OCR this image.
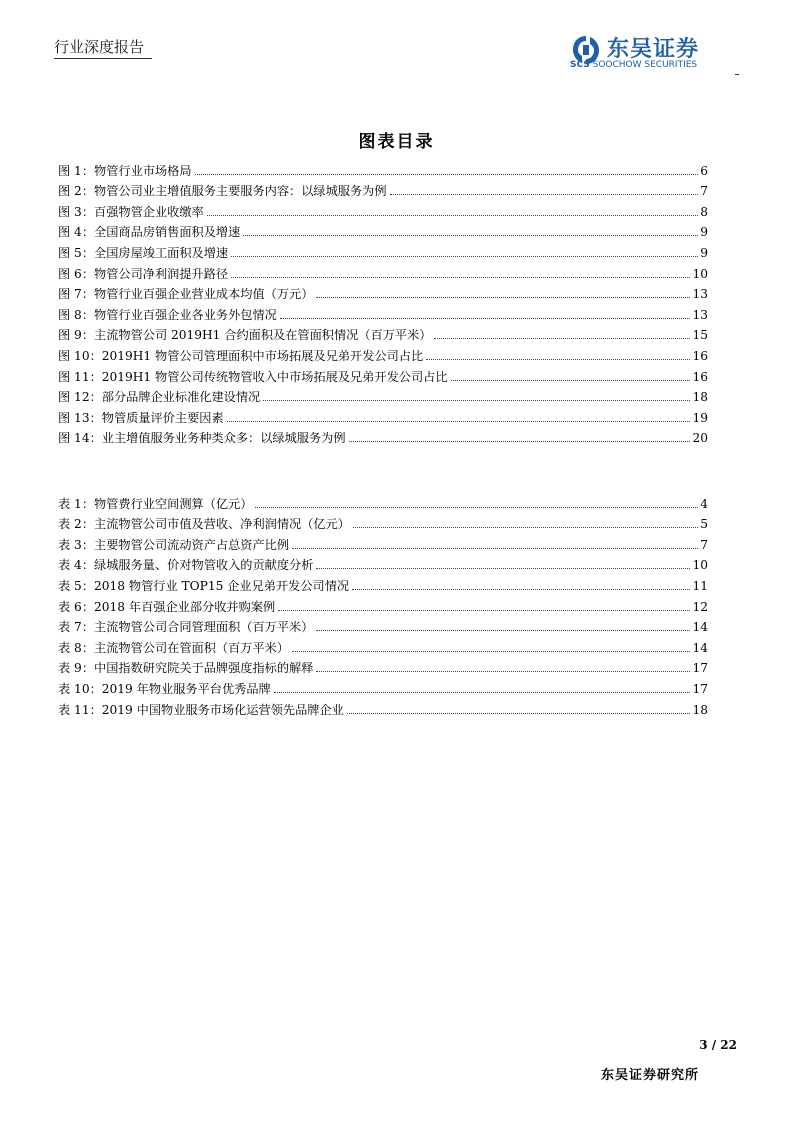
行业深度报告	东吴证券
SCS SOOCHOW SECURITIES
图表目录
图 1：物管行业市场格局	6
图 2：物管公司业主增值服务主要服务内容：以绿城服务为例	7
图 3：百强物管企业收缴率	8
图 4：全国商品房销售面积及增速	9
图 5：全国房屋竣工面积及增速	9
图 6：物管公司净利润提升路径	10
图 7：物管行业百强企业营业成本均值（万元）	13
图 8：物管行业百强企业各业务外包情况	13
图 9：主流物管公司 2019H1 合约面积及在管面积情况（百万平米）	15
图 10：2019H1 物管公司管理面积中市场拓展及兄弟开发公司占比	16
图 11：2019H1 物管公司传统物管收入中市场拓展及兄弟开发公司占比	16
图 12：部分品牌企业标准化建设情况	18
图 13：物管质量评价主要因素	19
图 14：业主增值服务业务种类众多：以绿城服务为例	20
表 1：物管费行业空间测算（亿元）	4
表 2：主流物管公司市值及营收、净利润情况（亿元）	5
表 3：主要物管公司流动资产占总资产比例	7
表 4：绿城服务量、价对物管收入的贡献度分析	10
表 5：2018 物管行业 TOP15 企业兄弟开发公司情况	11
表 6：2018 年百强企业部分收并购案例	12
表 7：主流物管公司合同管理面积（百万平米）	14
表 8：主流物管公司在管面积（百万平米）	14
表 9：中国指数研究院关于品牌强度指标的解释	17
表 10：2019 年物业服务平台优秀品牌	17
表 11：2019 中国物业服务市场化运营领先品牌企业	18
3 / 22
东吴证券研究所
